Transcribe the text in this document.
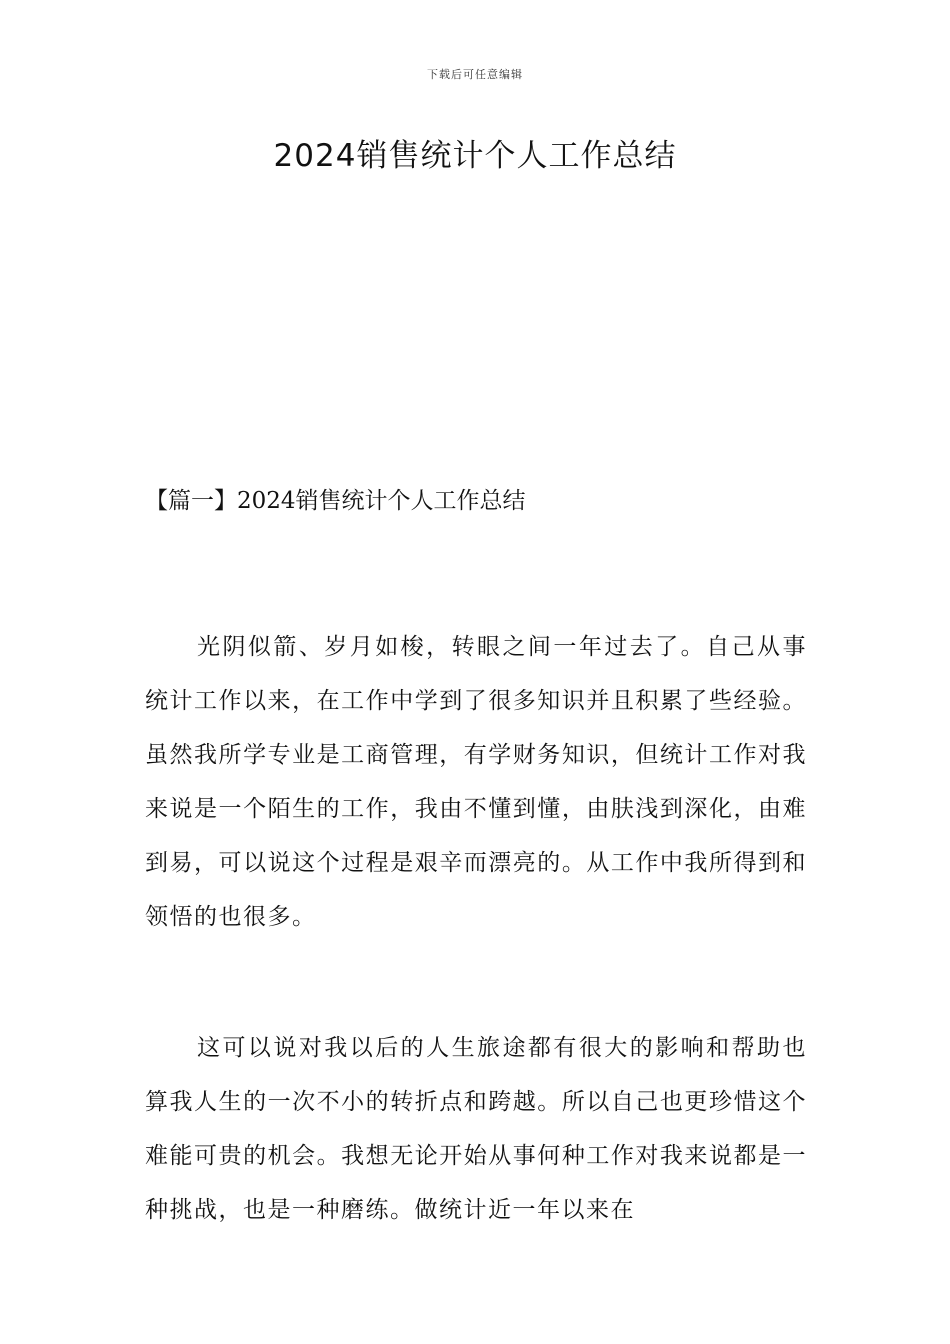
下载后可任意编辑
2024销售统计个人工作总结
【篇一】2024销售统计个人工作总结

光阴似箭、岁月如梭，转眼之间一年过去了。自己从事统计工作以来，在工作中学到了很多知识并且积累了些经验。虽然我所学专业是工商管理，有学财务知识，但统计工作对我来说是一个陌生的工作，我由不懂到懂，由肤浅到深化，由难到易，可以说这个过程是艰辛而漂亮的。从工作中我所得到和领悟的也很多。

这可以说对我以后的人生旅途都有很大的影响和帮助也算我人生的一次不小的转折点和跨越。所以自己也更珍惜这个难能可贵的机会。我想无论开始从事何种工作对我来说都是一种挑战，也是一种磨练。做统计近一年以来在
